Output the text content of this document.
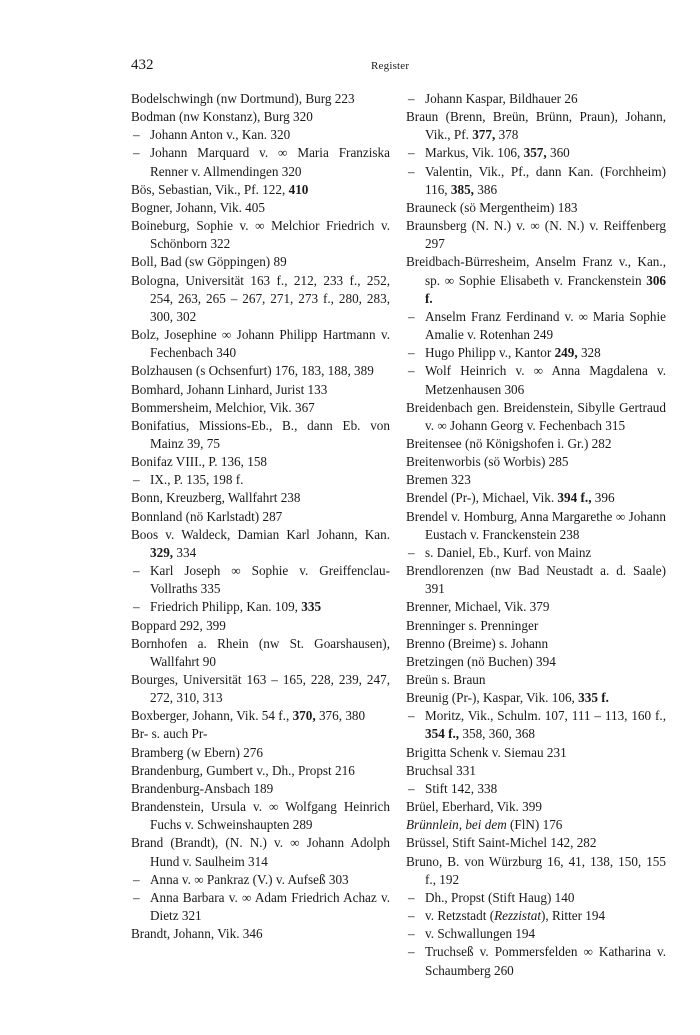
432	Register
Bodelschwingh (nw Dortmund), Burg 223
Bodman (nw Konstanz), Burg 320
– Johann Anton v., Kan. 320
– Johann Marquard v. ∞ Maria Franziska Renner v. Allmendingen 320
Bös, Sebastian, Vik., Pf. 122, 410
Bogner, Johann, Vik. 405
Boineburg, Sophie v. ∞ Melchior Friedrich v. Schönborn 322
Boll, Bad (sw Göppingen) 89
Bologna, Universität 163 f., 212, 233 f., 252, 254, 263, 265 – 267, 271, 273 f., 280, 283, 300, 302
Bolz, Josephine ∞ Johann Philipp Hartmann v. Fechenbach 340
Bolzhausen (s Ochsenfurt) 176, 183, 188, 389
Bomhard, Johann Linhard, Jurist 133
Bommersheim, Melchior, Vik. 367
Bonifatius, Missions-Eb., B., dann Eb. von Mainz 39, 75
Bonifaz VIII., P. 136, 158
– IX., P. 135, 198 f.
Bonn, Kreuzberg, Wallfahrt 238
Bonnland (nö Karlstadt) 287
Boos v. Waldeck, Damian Karl Johann, Kan. 329, 334
– Karl Joseph ∞ Sophie v. Greiffenclau-Vollraths 335
– Friedrich Philipp, Kan. 109, 335
Boppard 292, 399
Bornhofen a. Rhein (nw St. Goarshausen), Wallfahrt 90
Bourges, Universität 163 – 165, 228, 239, 247, 272, 310, 313
Boxberger, Johann, Vik. 54 f., 370, 376, 380
Br- s. auch Pr-
Bramberg (w Ebern) 276
Brandenburg, Gumbert v., Dh., Propst 216
Brandenburg-Ansbach 189
Brandenstein, Ursula v. ∞ Wolfgang Heinrich Fuchs v. Schweinshaupten 289
Brand (Brandt), (N. N.) v. ∞ Johann Adolph Hund v. Saulheim 314
– Anna v. ∞ Pankraz (V.) v. Aufseß 303
– Anna Barbara v. ∞ Adam Friedrich Achaz v. Dietz 321
Brandt, Johann, Vik. 346
– Johann Kaspar, Bildhauer 26
Braun (Brenn, Breün, Brünn, Praun), Johann, Vik., Pf. 377, 378
– Markus, Vik. 106, 357, 360
– Valentin, Vik., Pf., dann Kan. (Forchheim) 116, 385, 386
Brauneck (sö Mergentheim) 183
Braunsberg (N. N.) v. ∞ (N. N.) v. Reiffenberg 297
Breidbach-Bürresheim, Anselm Franz v., Kan., sp. ∞ Sophie Elisabeth v. Franckenstein 306 f.
– Anselm Franz Ferdinand v. ∞ Maria Sophie Amalie v. Rotenhan 249
– Hugo Philipp v., Kantor 249, 328
– Wolf Heinrich v. ∞ Anna Magdalena v. Metzenhausen 306
Breidenbach gen. Breidenstein, Sibylle Gertraud v. ∞ Johann Georg v. Fechenbach 315
Breitensee (nö Königshofen i. Gr.) 282
Breitenworbis (sö Worbis) 285
Bremen 323
Brendel (Pr-), Michael, Vik. 394 f., 396
Brendel v. Homburg, Anna Margarethe ∞ Johann Eustach v. Franckenstein 238
– s. Daniel, Eb., Kurf. von Mainz
Brendlorenzen (nw Bad Neustadt a. d. Saale) 391
Brenner, Michael, Vik. 379
Brenninger s. Prenninger
Brenno (Breime) s. Johann
Bretzingen (nö Buchen) 394
Breün s. Braun
Breunig (Pr-), Kaspar, Vik. 106, 335 f.
– Moritz, Vik., Schulm. 107, 111 – 113, 160 f., 354 f., 358, 360, 368
Brigitta Schenk v. Siemau 231
Bruchsal 331
– Stift 142, 338
Brüel, Eberhard, Vik. 399
Brünnlein, bei dem (FlN) 176
Brüssel, Stift Saint-Michel 142, 282
Bruno, B. von Würzburg 16, 41, 138, 150, 155 f., 192
– Dh., Propst (Stift Haug) 140
– v. Retzstadt (Rezzistat), Ritter 194
– v. Schwallungen 194
– Truchseß v. Pommersfelden ∞ Katharina v. Schaumberg 260
